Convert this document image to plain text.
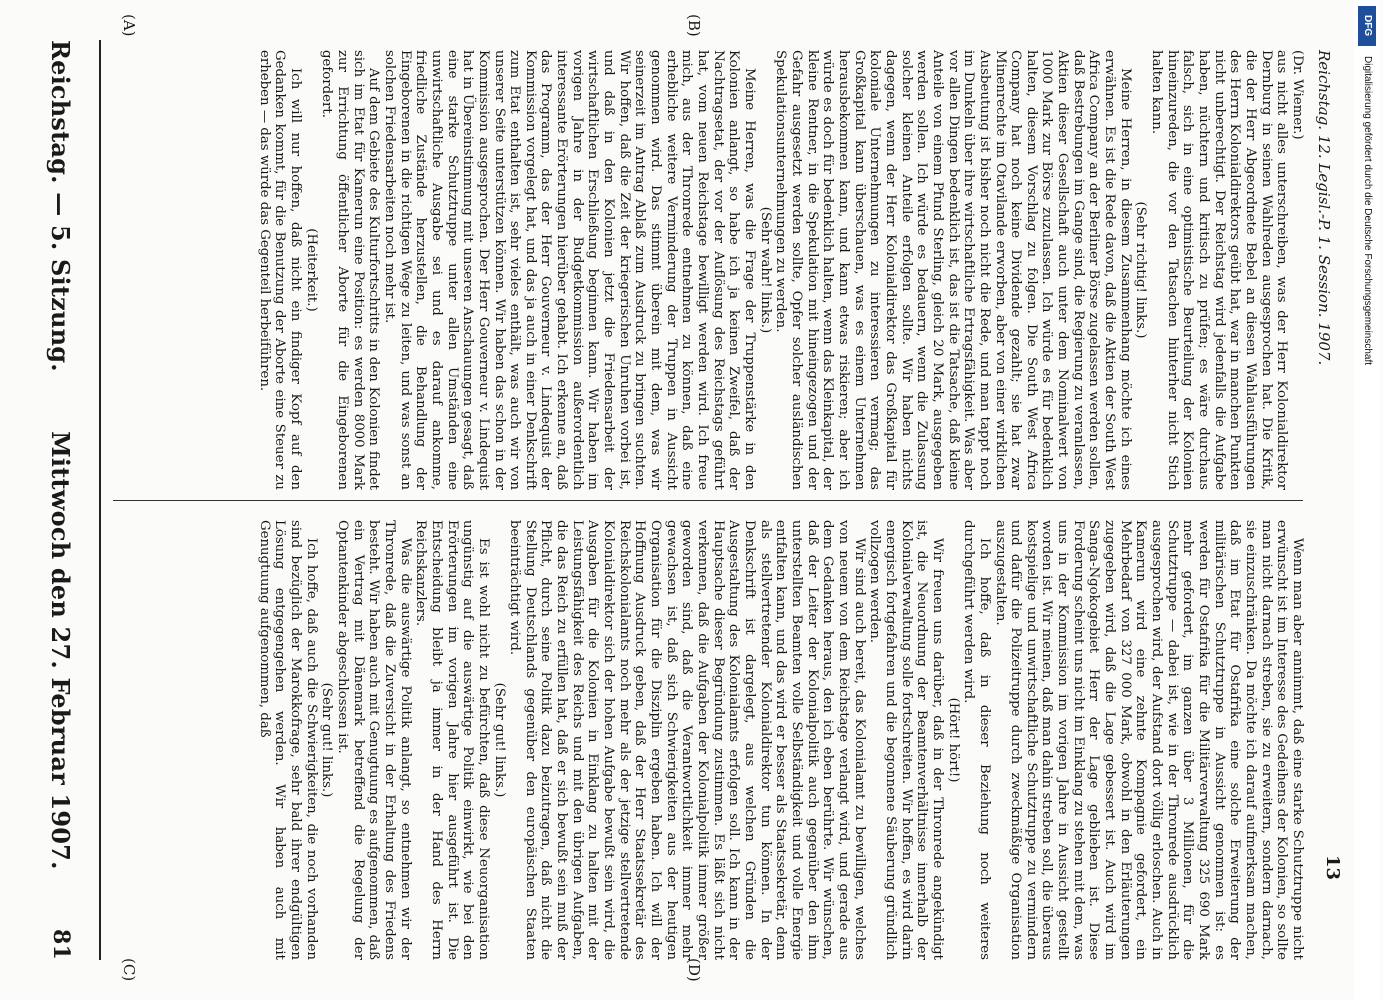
Reichstag. — 5. Sitzung.
Mittwoch den 27. Februar 1907.
81
(A)	(B)
(C)	(D)

(Dr. Wiemer.)

aus nicht alles unterschreiben, was der Herr Kolonialdirektor Dernburg in seinen Wahlreden ausgesprochen hat. Die Kritik, die der Herr Abgeordnete Bebel an diesen Wahlausführungen des Herrn Kolonialdirektors geübt hat, war in manchen Punkten nicht unberechtigt. Der Reichstag wird jedenfalls die Aufgabe haben, nüchtern und kritisch zu prüfen; es wäre durchaus falsch, sich in eine optimistische Beurteilung der Kolonien hineinzureden, die vor den Tatsachen hinterher nicht Stich halten kann.

(Sehr richtig! links.)

Meine Herren, in diesem Zusammenhang möchte ich eines erwähnen. Es ist die Rede davon, daß die Aktien der South West Africa Company an der Berliner Börse zugelassen werden sollen, daß Bestrebungen im Gange sind, die Regierung zu veranlassen, Aktien dieser Gesellschaft auch unter dem Nominalwert von 1000 Mark zur Börse zuzulassen. Ich würde es für bedenklich halten, diesem Vorschlag zu folgen. Die South West Africa Company hat noch keine Dividende gezahlt; sie hat zwar Minenrechte im Otavilande erworben, aber von einer wirklichen Ausbeutung ist bisher noch nicht die Rede, und man tappt noch im Dunkeln über ihre wirtschaftliche Ertragsfähigkeit. Was aber vor allen Dingen bedenklich ist, das ist die Tatsache, daß kleine Anteile von einem Pfund Sterling, gleich 20 Mark, ausgegeben werden sollen. Ich würde es bedauern, wenn die Zulassung solcher kleinen Anteile erfolgen sollte. Wir haben nichts dagegen, wenn der Herr Kolonialdirektor das Großkapital für koloniale Unternehmungen zu interessieren vermag; das Großkapital kann überschauen, was es einem Unternehmen herausbekommen kann, und kann etwas riskieren; aber ich würde es doch für bedenklich halten, wenn das Kleinkapital, der kleine Rentner, in die Spekulation mit hineingezogen und der Gefahr ausgesetzt werden sollte, Opfer solcher ausländischen Spekulationsunternehmungen zu werden.

(Sehr wahr! links.)

Meine Herren, was die Frage der Truppenstärke in den Kolonien anlangt, so habe ich ja keinen Zweifel, daß der Nachtragsetat, der vor der Auflösung des Reichstags geführt hat, vom neuen Reichstage bewilligt werden wird. Ich freue mich, aus der Thronrede entnehmen zu können, daß eine erhebliche weitere Verminderung der Truppen in Aussicht genommen wird. Das stimmt überein mit dem, was wir seinerzeit im Antrag Ablaß zum Ausdruck zu bringen suchten. Wir hoffen, daß die Zeit der kriegerischen Unruhen vorbei ist, und daß in den Kolonien jetzt die Friedensarbeit der wirtschaftlichen Erschließung beginnen kann. Wir haben im vorigen Jahre in der Budgetkommission außerordentlich interessante Erörterungen hierüber gehabt. Ich erkenne an, daß das Programm, das der Herr Gouverneur v. Lindequist der Kommission vorgelegt hat, und das ja auch in einer Denkschrift zum Etat enthalten ist, sehr vieles enthält, was auch wir von unserer Seite unterstützen können. Wir haben das schon in der Kommission ausgesprochen. Der Herr Gouverneur v. Lindequist hat in Übereinstimmung mit unseren Anschauungen gesagt, daß eine starke Schutztruppe unter allen Umständen eine unwirtschaftliche Ausgabe sei und es darauf ankomme, friedliche Zustände herzustellen, die Behandlung der Eingeborenen in die richtigen Wege zu leiten, und was sonst an solchen Friedensarbeiten noch mehr ist.

Auf dem Gebiete des Kulturfortschritts in den Kolonien findet sich im Etat für Kamerun eine Position: es werden 8000 Mark zur Errichtung öffentlicher Aborte für die Eingeborenen gefordert.

(Heiterkeit.)

Ich will nur hoffen, daß nicht ein findiger Kopf auf den Gedanken kommt, für die Benutzung der Aborte eine Steuer zu erheben — das würde das Gegenteil herbeiführen.

Wenn man aber annimmt, daß eine starke Schutztruppe nicht erwünscht ist im Interesse des Gedeihens der Kolonien, so sollte man nicht darnach streben, sie zu erweitern, sondern darnach, sie einzuschränken. Da möchte ich darauf aufmerksam machen, daß im Etat für Ostafrika eine solche Erweiterung der militärischen Schutztruppe in Aussicht genommen ist: es werden für Ostafrika für die Militärverwaltung 325 690 Mark mehr gefordert, im ganzen über 3 Millionen, für die Schutztruppe — dabei ist, wie in der Thronrede ausdrücklich ausgesprochen wird, der Aufstand dort völlig erloschen. Auch in Kamerun wird eine zehnte Kompagnie gefordert, ein Mehrbedarf von 327 000 Mark, obwohl in den Erläuterungen zugegeben wird, daß die Lage gebessert ist. Auch wird im Sanga-Ngokogebiet Herr der Lage geblieben ist. Diese Forderung scheint uns nicht im Einklang zu stehen mit dem, was uns in der Kommission im vorigen Jahre in Aussicht gestellt worden ist. Wir meinen, daß man dahin streben soll, die überaus kostspielige und unwirtschaftliche Schutztruppe zu vermindern und dafür die Polizeitruppe durch zweckmäßige Organisation auszugestalten.

Ich hoffe, daß in dieser Beziehung noch weiteres durchgeführt werden wird.

(Hört! hört!)

Wir freuen uns darüber, daß in der Thronrede angekündigt ist, die Neuordnung der Beamtenverhältnisse innerhalb der Kolonialverwaltung solle fortschreiten. Wir hoffen, es wird darin energisch fortgefahren und die begonnene Säuberung gründlich vollzogen werden.

Wir sind auch bereit, das Kolonialamt zu bewilligen, welches von neuem von dem Reichstage verlangt wird, und gerade aus dem Gedanken heraus, den ich eben berührte. Wir wünschen, daß der Leiter der Kolonialpolitik auch gegenüber den ihm unterstellten Beamten volle Selbständigkeit und volle Energie entfalten kann, und das wird er besser als Staatssekretär, denn als stellvertretender Kolonialdirektor tun können. In der Denkschrift ist dargelegt, aus welchen Gründen die Ausgestaltung des Kolonialamts erfolgen soll. Ich kann in der Hauptsache dieser Begründung zustimmen. Es läßt sich nicht verkennen, daß die Aufgaben der Kolonialpolitik immer größer geworden sind, daß die Verantwortlichkeit immer mehr gewachsen ist, daß sich Schwierigkeiten aus der heutigen Organisation für die Disziplin ergeben haben. Ich will der Hoffnung Ausdruck geben, daß der Herr Staatssekretär des Reichskolonialamts noch mehr als der jetzige stellvertretende Kolonialdirektor sich der hohen Aufgabe bewußt sein wird, die Ausgaben für die Kolonien in Einklang zu halten mit der Leistungsfähigkeit des Reichs und mit den übrigen Aufgaben, die das Reich zu erfüllen hat, daß er sich bewußt sein muß der Pflicht, durch seine Politik dazu beizutragen, daß nicht die Stellung Deutschlands gegenüber den europäischen Staaten beeinträchtigt wird.

(Sehr gut! links.)

Es ist wohl nicht zu befürchten, daß diese Neuorganisation ungünstig auf die auswärtige Politik einwirkt, wie bei den Erörterungen im vorigen Jahre hier ausgeführt ist. Die Entscheidung bleibt ja immer in der Hand des Herrn Reichskanzlers.

Was die auswärtige Politik anlangt, so entnehmen wir der Thronrede, daß die Zuversicht in der Erhaltung des Friedens besteht. Wir haben auch mit Genugtuung es aufgenommen, daß ein Vertrag mit Dänemark betreffend die Regelung der Optantenkinder abgeschlossen ist.

(Sehr gut! links.)

Ich hoffe, daß auch die Schwierigkeiten, die noch vorhanden sind bezüglich der Marokkofrage, sehr bald ihrer endgültigen Lösung entgegengehen werden. Wir haben auch mit Genugtuung aufgenommen, daß

Reichstag. 12. Legisl.-P. 1. Session. 1907.
13
DFG
Digitalisierung gefördert durch die Deutsche Forschungsgemeinschaft
